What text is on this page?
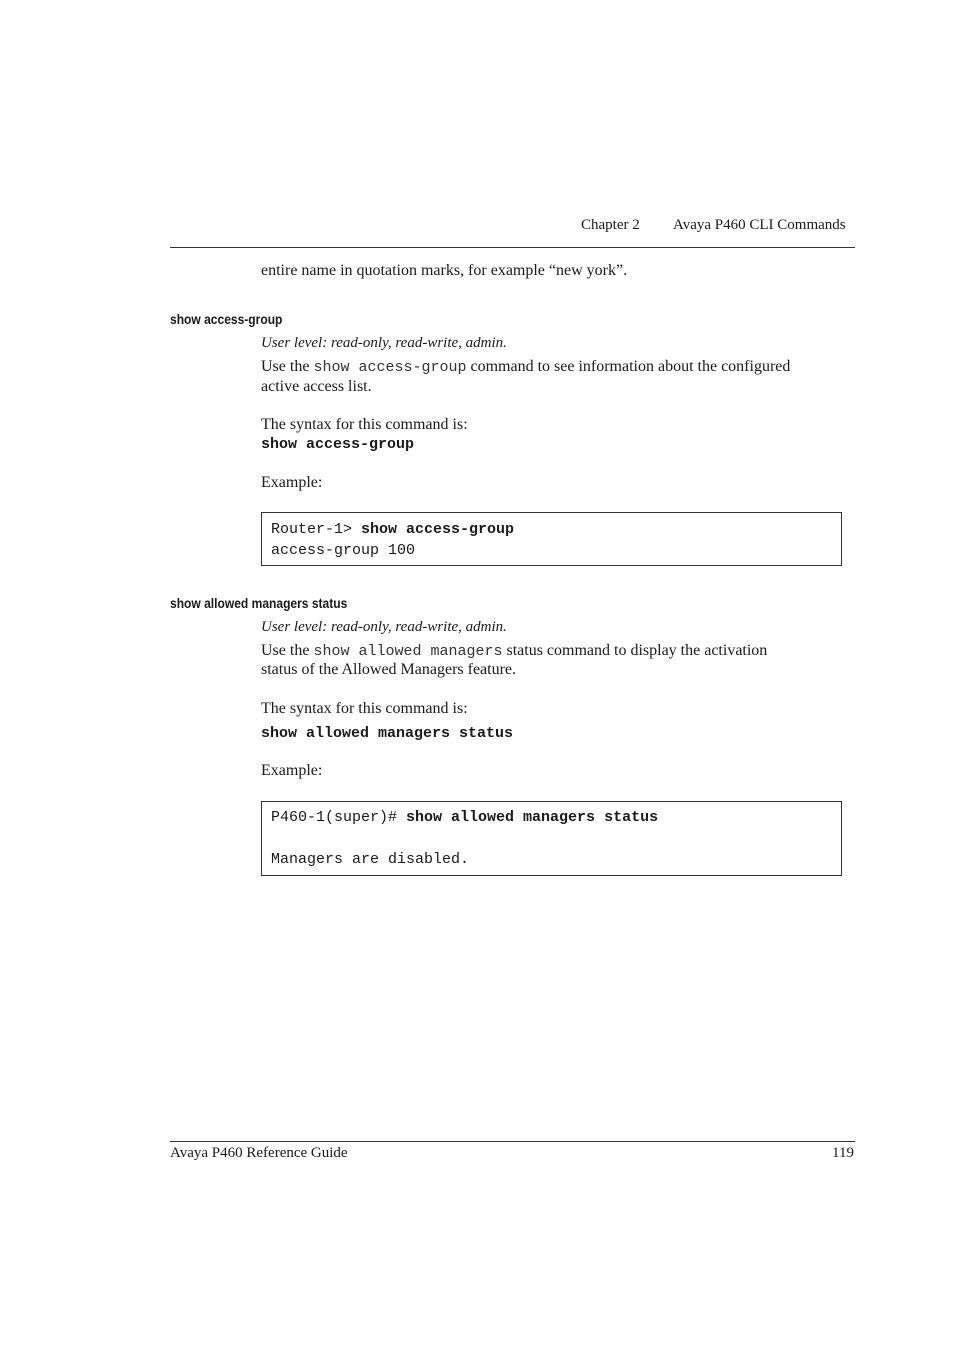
Chapter 2 Avaya P460 CLI Commands
entire name in quotation marks, for example “new york”.
show access-group
User level: read-only, read-write, admin.
Use the show access-group command to see information about the configured
active access list.
The syntax for this command is:
show access-group
Example:
Router-1> show access-group
access-group 100
show allowed managers status
User level: read-only, read-write, admin.
Use the show allowed managers status command to display the activation
status of the Allowed Managers feature.
The syntax for this command is:
show allowed managers status
Example:
P460-1(super)# show allowed managers status
Managers are disabled.
Avaya P460 Reference Guide	119
